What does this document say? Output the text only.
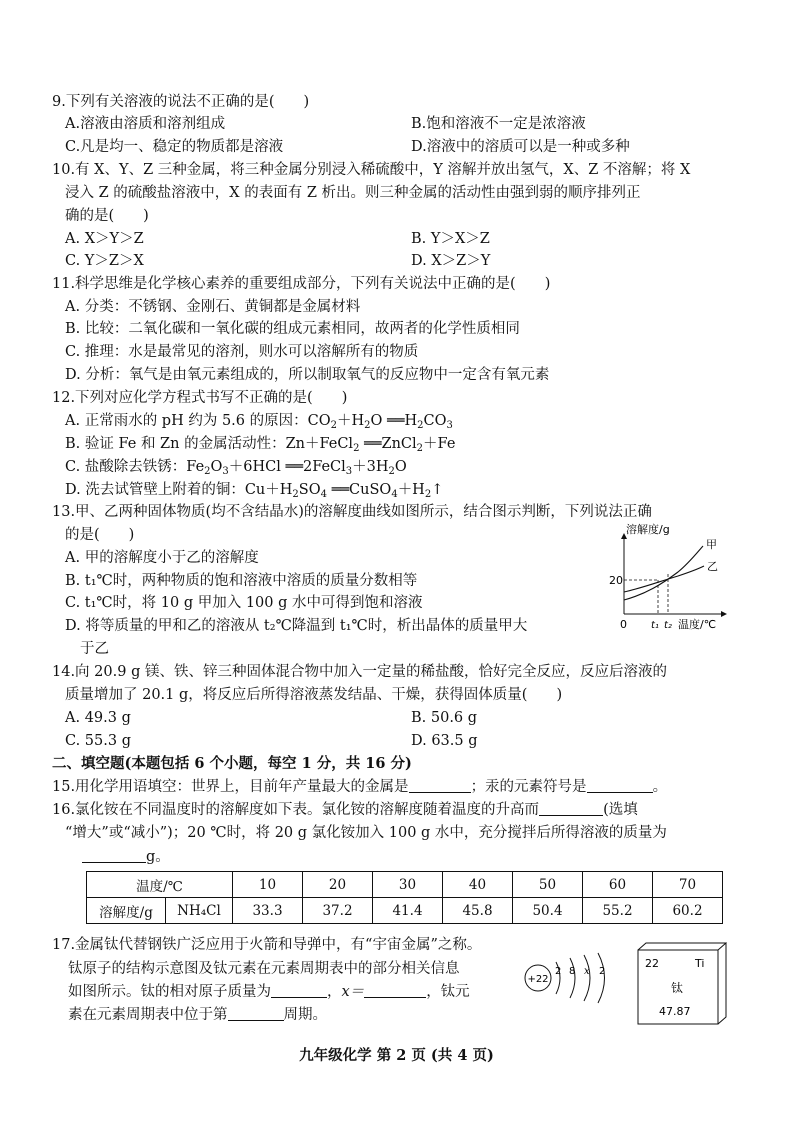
9.下列有关溶液的说法不正确的是(　　)
A.溶液由溶质和溶剂组成	B.饱和溶液不一定是浓溶液
C.凡是均一、稳定的物质都是溶液	D.溶液中的溶质可以是一种或多种
10.有 X、Y、Z 三种金属，将三种金属分别浸入稀硫酸中，Y 溶解并放出氢气，X、Z 不溶解；将 X
浸入 Z 的硫酸盐溶液中，X 的表面有 Z 析出。则三种金属的活动性由强到弱的顺序排列正
确的是(　　)
A. X＞Y＞Z	B. Y＞X＞Z
C. Y＞Z＞X	D. X＞Z＞Y
11.科学思维是化学核心素养的重要组成部分，下列有关说法中正确的是(　　)
A. 分类：不锈钢、金刚石、黄铜都是金属材料
B. 比较：二氧化碳和一氧化碳的组成元素相同，故两者的化学性质相同
C. 推理：水是最常见的溶剂，则水可以溶解所有的物质
D. 分析：氧气是由氧元素组成的，所以制取氧气的反应物中一定含有氧元素
12.下列对应化学方程式书写不正确的是(　　)
A. 正常雨水的 pH 约为 5.6 的原因：$CO_2+H_2O$ $══H_2CO_3$
B. 验证 Fe 和 Zn 的金属活动性：Zn＋FeCl$_2$ ══ZnCl$_2$＋Fe
C. 盐酸除去铁锈：$Fe_2O_3+6HCl$ $══2FeCl_3+3H_2O$
D. 洗去试管壁上附着的铜：$Cu+H_2SO_4$ $══CuSO_4+H_2↑$
13.甲、乙两种固体物质(均不含结晶水)的溶解度曲线如图所示，结合图示判断，下列说法正确
的是(　　)
A. 甲的溶解度小于乙的溶解度
B. t₁℃时，两种物质的饱和溶液中溶质的质量分数相等
C. t₁℃时，将 10 g 甲加入 100 g 水中可得到饱和溶液
D. 将等质量的甲和乙的溶液从 t₂℃降温到 t₁℃时，析出晶体的质量甲大
于乙
溶解度/g
甲
乙
20
0 t₁ t₂ 温度/℃
14.向 20.9 g 镁、铁、锌三种固体混合物中加入一定量的稀盐酸，恰好完全反应，反应后溶液的
质量增加了 20.1 g，将反应后所得溶液蒸发结晶、干燥，获得固体质量(　　)
A. 49.3 g	B. 50.6 g
C. 55.3 g	D. 63.5 g
二、填空题(本题包括 6 个小题，每空 1 分，共 16 分)
15.用化学用语填空：世界上，目前年产量最大的金属是	；汞的元素符号是	。
16.氯化铵在不同温度时的溶解度如下表。氯化铵的溶解度随着温度的升高而	(选填
“增大”或“减小”)；20 ℃时，将 20 g 氯化铵加入 100 g 水中，充分搅拌后所得溶液的质量为
g。
温度/℃		10	20	30	40	50	60	70
溶解度/g	NH₄Cl	33.3	37.2	41.4	45.8	50.4	55.2	60.2
17.金属钛代替钢铁广泛应用于火箭和导弹中，有“宇宙金属”之称。
钛原子的结构示意图及钛元素在元素周期表中的部分相关信息
如图所示。钛的相对原子质量为	，x＝	，钛元
素在元素周期表中位于第	周期。
+22
2 8 x 2
22	Ti
钛
47.87
九年级化学 第 2 页 (共 4 页)
